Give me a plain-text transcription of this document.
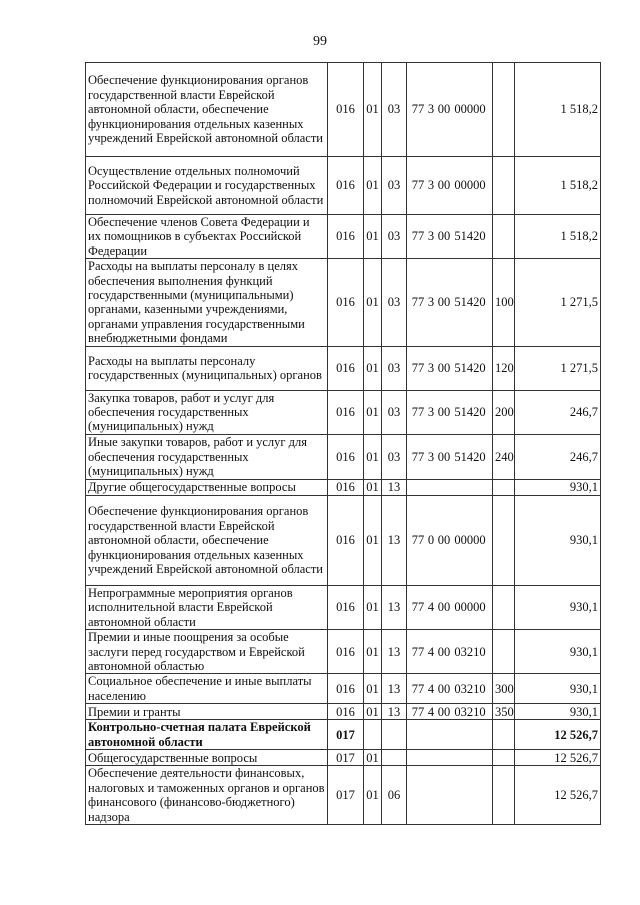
99
Обеспечение функционирования органов государственной власти Еврейской автономной области, обеспечение функционирования отдельных казенных учреждений Еврейской автономной области	016	01	03	77 3 00 00000		1 518,2
Осуществление отдельных полномочий Российской Федерации и государственных полномочий Еврейской автономной области	016	01	03	77 3 00 00000		1 518,2
Обеспечение членов Совета Федерации и их помощников в субъектах Российской Федерации	016	01	03	77 3 00 51420		1 518,2
Расходы на выплаты персоналу в целях обеспечения выполнения функций государственными (муниципальными) органами, казенными учреждениями, органами управления государственными внебюджетными фондами	016	01	03	77 3 00 51420	100	1 271,5
Расходы на выплаты персоналу государственных (муниципальных) органов	016	01	03	77 3 00 51420	120	1 271,5
Закупка товаров, работ и услуг для обеспечения государственных (муниципальных) нужд	016	01	03	77 3 00 51420	200	246,7
Иные закупки товаров, работ и услуг для обеспечения государственных (муниципальных) нужд	016	01	03	77 3 00 51420	240	246,7
Другие общегосударственные вопросы	016	01	13			930,1
Обеспечение функционирования органов государственной власти Еврейской автономной области, обеспечение функционирования отдельных казенных учреждений Еврейской автономной области	016	01	13	77 0 00 00000		930,1
Непрограммные мероприятия органов исполнительной власти Еврейской автономной области	016	01	13	77 4 00 00000		930,1
Премии и иные поощрения за особые заслуги перед государством и Еврейской автономной областью	016	01	13	77 4 00 03210		930,1
Социальное обеспечение и иные выплаты населению	016	01	13	77 4 00 03210	300	930,1
Премии и гранты	016	01	13	77 4 00 03210	350	930,1
Контрольно-счетная палата Еврейской автономной области	017					12 526,7
Общегосударственные вопросы	017	01				12 526,7
Обеспечение деятельности финансовых, налоговых и таможенных органов и органов финансового (финансово-бюджетного) надзора	017	01	06			12 526,7
